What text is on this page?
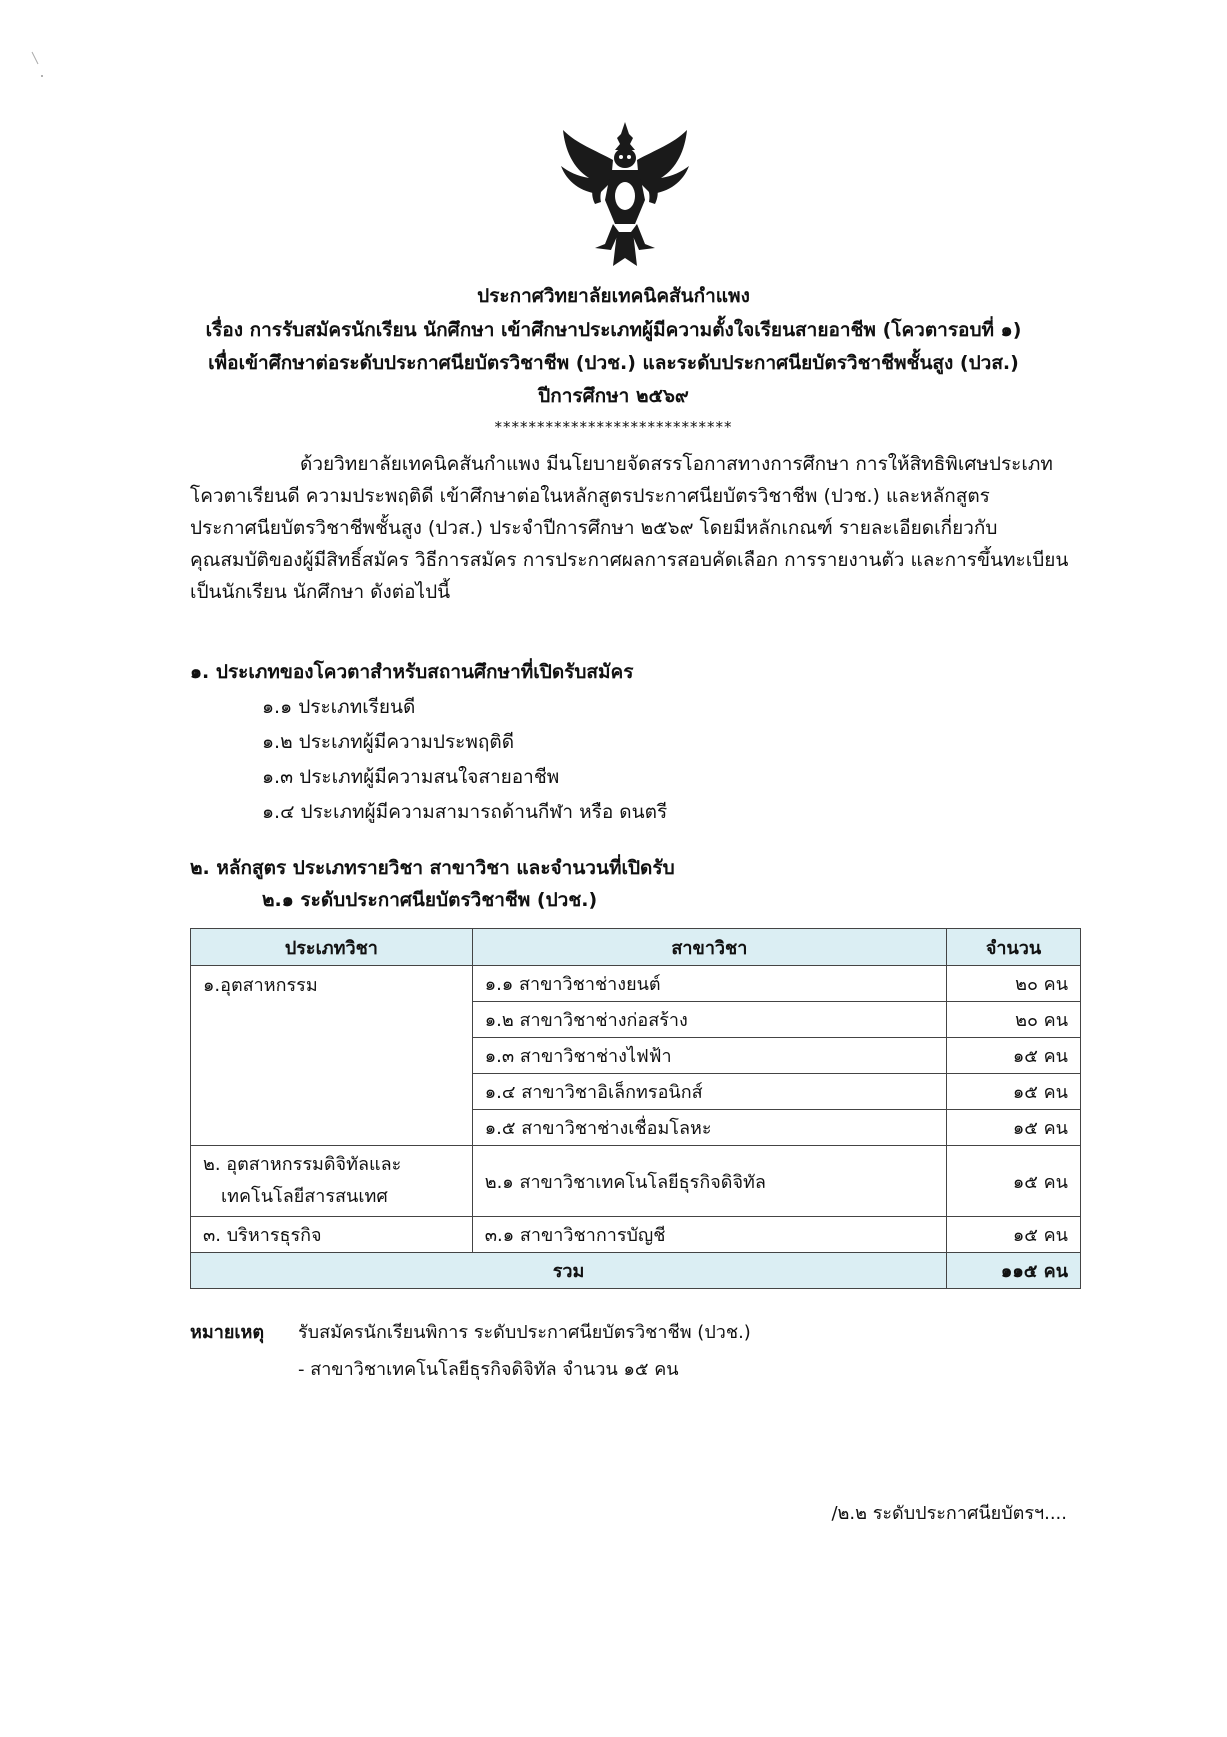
ประกาศวิทยาลัยเทคนิคสันกำแพง
เรื่อง การรับสมัครนักเรียน นักศึกษา เข้าศึกษาประเภทผู้มีความตั้งใจเรียนสายอาชีพ (โควตารอบที่ ๑)
เพื่อเข้าศึกษาต่อระดับประกาศนียบัตรวิชาชีพ (ปวช.) และระดับประกาศนียบัตรวิชาชีพชั้นสูง (ปวส.)
ปีการศึกษา ๒๕๖๙
****************************
ด้วยวิทยาลัยเทคนิคสันกำแพง มีนโยบายจัดสรรโอกาสทางการศึกษา การให้สิทธิพิเศษประเภท
โควตาเรียนดี ความประพฤติดี เข้าศึกษาต่อในหลักสูตรประกาศนียบัตรวิชาชีพ (ปวช.) และหลักสูตร
ประกาศนียบัตรวิชาชีพชั้นสูง (ปวส.) ประจำปีการศึกษา ๒๕๖๙ โดยมีหลักเกณฑ์ รายละเอียดเกี่ยวกับ
คุณสมบัติของผู้มีสิทธิ์สมัคร วิธีการสมัคร การประกาศผลการสอบคัดเลือก การรายงานตัว และการขึ้นทะเบียน
เป็นนักเรียน นักศึกษา ดังต่อไปนี้
๑. ประเภทของโควตาสำหรับสถานศึกษาที่เปิดรับสมัคร
๑.๑ ประเภทเรียนดี
๑.๒ ประเภทผู้มีความประพฤติดี
๑.๓ ประเภทผู้มีความสนใจสายอาชีพ
๑.๔ ประเภทผู้มีความสามารถด้านกีฬา หรือ ดนตรี
๒. หลักสูตร ประเภทรายวิชา สาขาวิชา และจำนวนที่เปิดรับ
๒.๑ ระดับประกาศนียบัตรวิชาชีพ (ปวช.)
ประเภทวิชา	สาขาวิชา	จำนวน
๑.อุตสาหกรรม	๑.๑ สาขาวิชาช่างยนต์	๒๐ คน
	๑.๒ สาขาวิชาช่างก่อสร้าง	๒๐ คน
	๑.๓ สาขาวิชาช่างไฟฟ้า	๑๕ คน
	๑.๔ สาขาวิชาอิเล็กทรอนิกส์	๑๕ คน
	๑.๕ สาขาวิชาช่างเชื่อมโลหะ	๑๕ คน

๒. อุตสาหกรรมดิจิทัลและ
เทคโนโลยีสารสนเทศ	๒.๑ สาขาวิชาเทคโนโลยีธุรกิจดิจิทัล	๑๕ คน
๓. บริหารธุรกิจ	๓.๑ สาขาวิชาการบัญชี	๑๕ คน
รวม		๑๑๕ คน
หมายเหตุ รับสมัครนักเรียนพิการ ระดับประกาศนียบัตรวิชาชีพ (ปวช.)
- สาขาวิชาเทคโนโลยีธุรกิจดิจิทัล จำนวน ๑๕ คน
/๒.๒ ระดับประกาศนียบัตรฯ....
